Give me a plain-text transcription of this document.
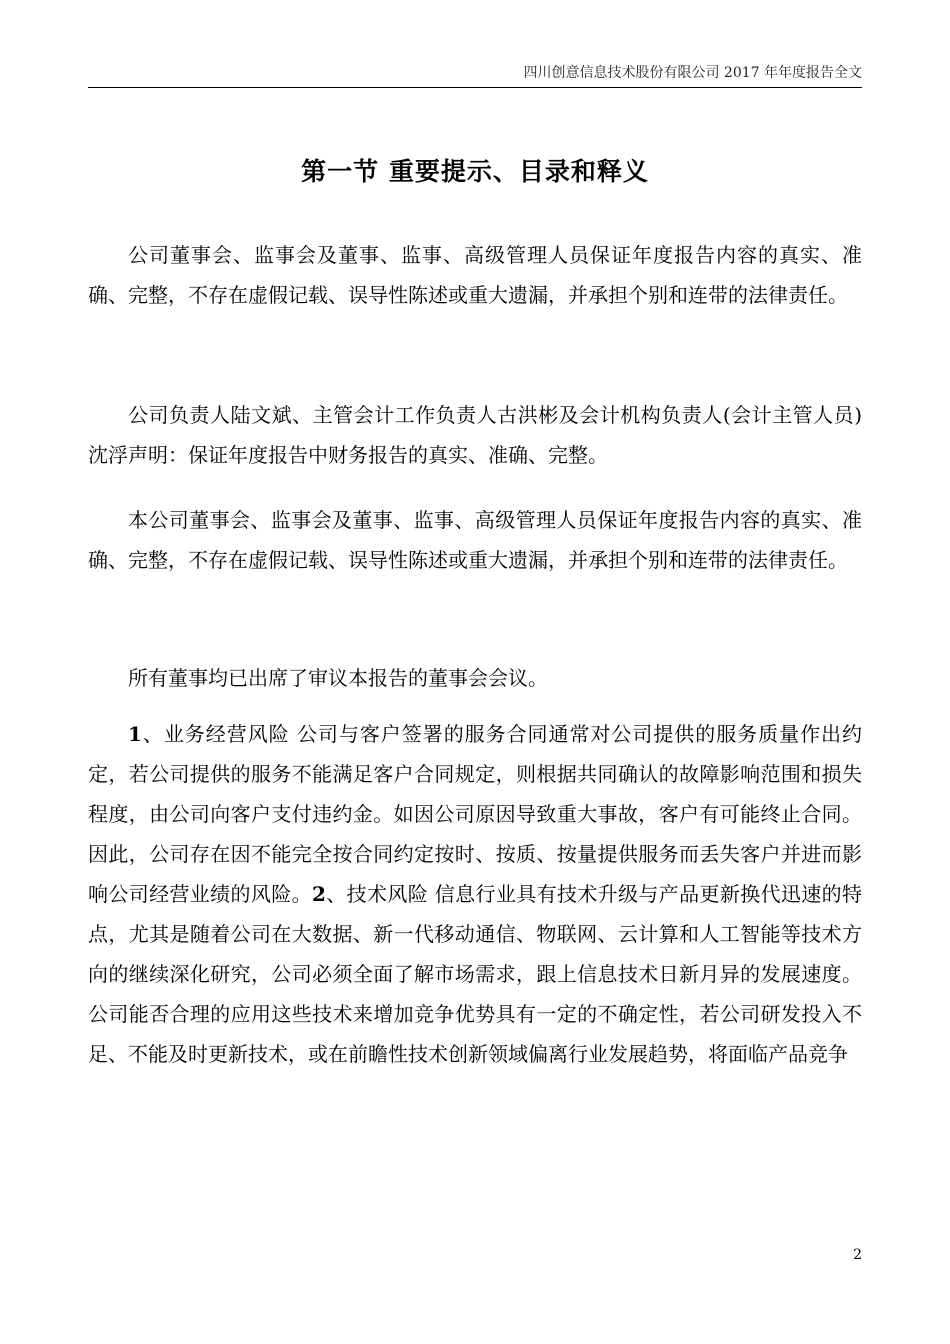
四川创意信息技术股份有限公司 2017 年年度报告全文
第一节 重要提示、目录和释义

公司董事会、监事会及董事、监事、高级管理人员保证年度报告内容的真实、准确、完整，不存在虚假记载、误导性陈述或重大遗漏，并承担个别和连带的法律责任。

公司负责人陆文斌、主管会计工作负责人古洪彬及会计机构负责人(会计主管人员)沈浮声明：保证年度报告中财务报告的真实、准确、完整。

本公司董事会、监事会及董事、监事、高级管理人员保证年度报告内容的真实、准确、完整，不存在虚假记载、误导性陈述或重大遗漏，并承担个别和连带的法律责任。

所有董事均已出席了审议本报告的董事会会议。

1、业务经营风险 公司与客户签署的服务合同通常对公司提供的服务质量作出约定，若公司提供的服务不能满足客户合同规定，则根据共同确认的故障影响范围和损失程度，由公司向客户支付违约金。如因公司原因导致重大事故，客户有可能终止合同。因此，公司存在因不能完全按合同约定按时、按质、按量提供服务而丢失客户并进而影响公司经营业绩的风险。2、技术风险 信息行业具有技术升级与产品更新换代迅速的特点，尤其是随着公司在大数据、新一代移动通信、物联网、云计算和人工智能等技术方向的继续深化研究，公司必须全面了解市场需求，跟上信息技术日新月异的发展速度。公司能否合理的应用这些技术来增加竞争优势具有一定的不确定性，若公司研发投入不足、不能及时更新技术，或在前瞻性技术创新领域偏离行业发展趋势，将面临产品竞争

2
